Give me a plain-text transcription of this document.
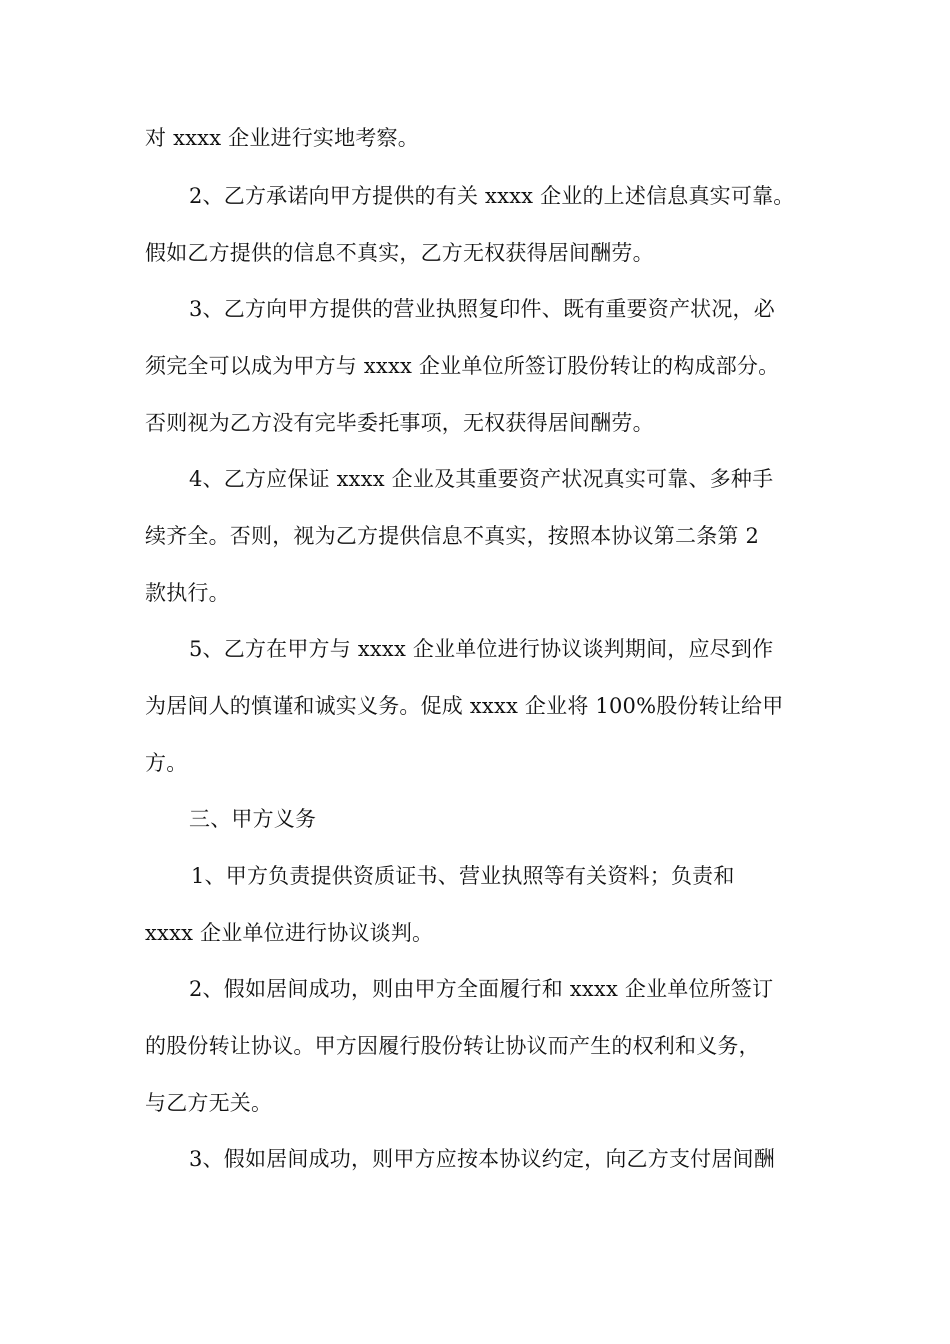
对 xxxx 企业进行实地考察。
2、乙方承诺向甲方提供的有关 xxxx 企业的上述信息真实可靠。
假如乙方提供的信息不真实，乙方无权获得居间酬劳。
3、乙方向甲方提供的营业执照复印件、既有重要资产状况，必
须完全可以成为甲方与 xxxx 企业单位所签订股份转让的构成部分。
否则视为乙方没有完毕委托事项，无权获得居间酬劳。
4、乙方应保证 xxxx 企业及其重要资产状况真实可靠、多种手
续齐全。否则，视为乙方提供信息不真实，按照本协议第二条第 2
款执行。
5、乙方在甲方与 xxxx 企业单位进行协议谈判期间，应尽到作
为居间人的慎谨和诚实义务。促成 xxxx 企业将 100%股份转让给甲
方。
三、甲方义务
1、甲方负责提供资质证书、营业执照等有关资料；负责和
xxxx 企业单位进行协议谈判。
2、假如居间成功，则由甲方全面履行和 xxxx 企业单位所签订
的股份转让协议。甲方因履行股份转让协议而产生的权利和义务，
与乙方无关。
3、假如居间成功，则甲方应按本协议约定，向乙方支付居间酬
